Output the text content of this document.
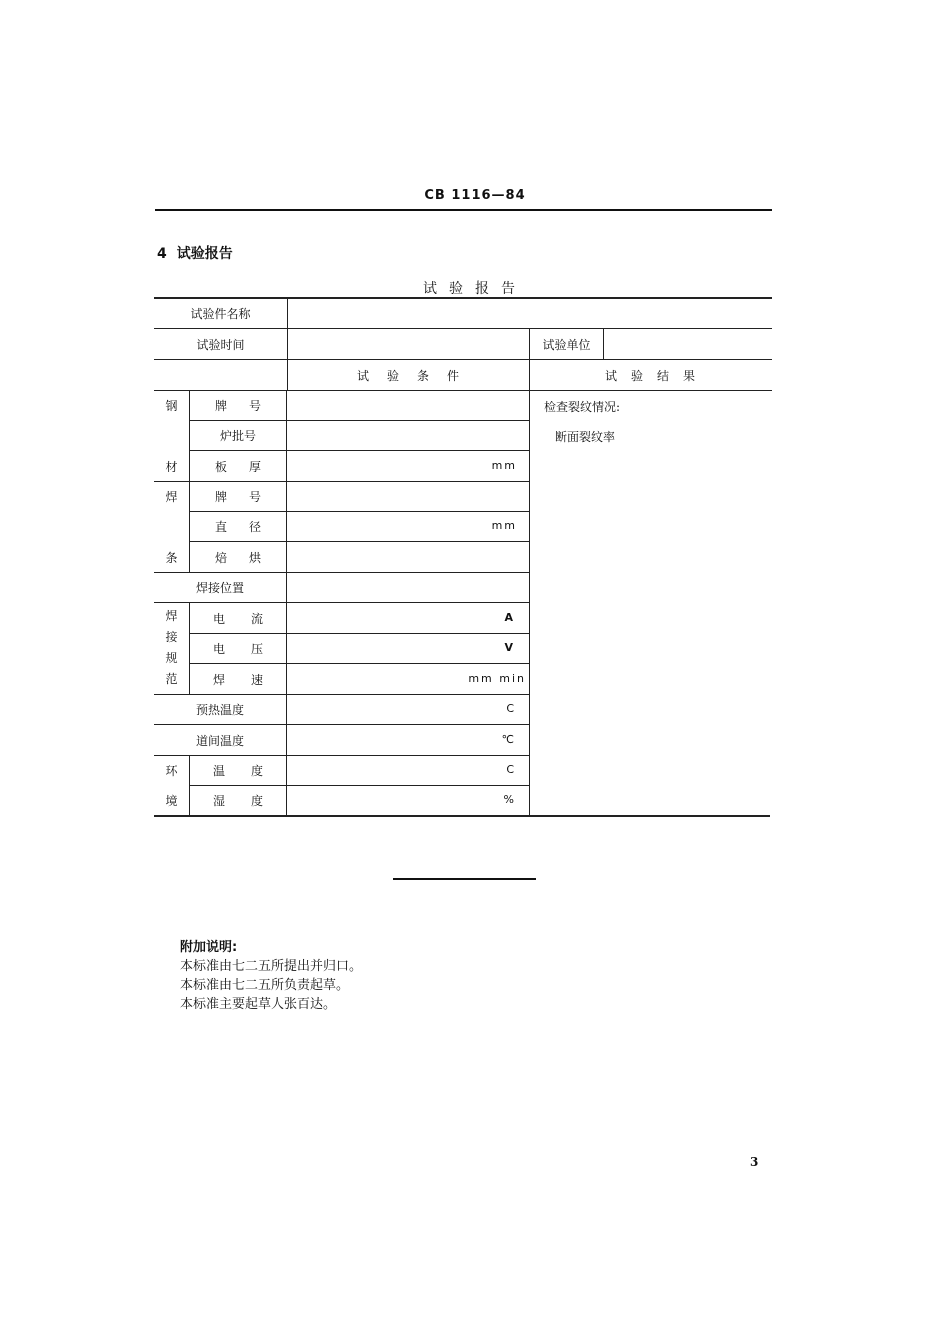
CB 1116—84
4 试验报告
试验报告
试验件名称
试验时间	试验单位
试验条件	试验结果
钢
材
焊
条
焊
接
规
范
环
境
牌号
炉批号
板厚
牌号
直径
焙烘
焊接位置
电流
电压
焊速
预热温度
道间温度
温度
湿度
mm
mm
A
V
mm min
C
℃
C
%
检查裂纹情况:
断面裂纹率
附加说明:
本标准由七二五所提出并归口。
本标准由七二五所负责起草。
本标准主要起草人张百达。
3
